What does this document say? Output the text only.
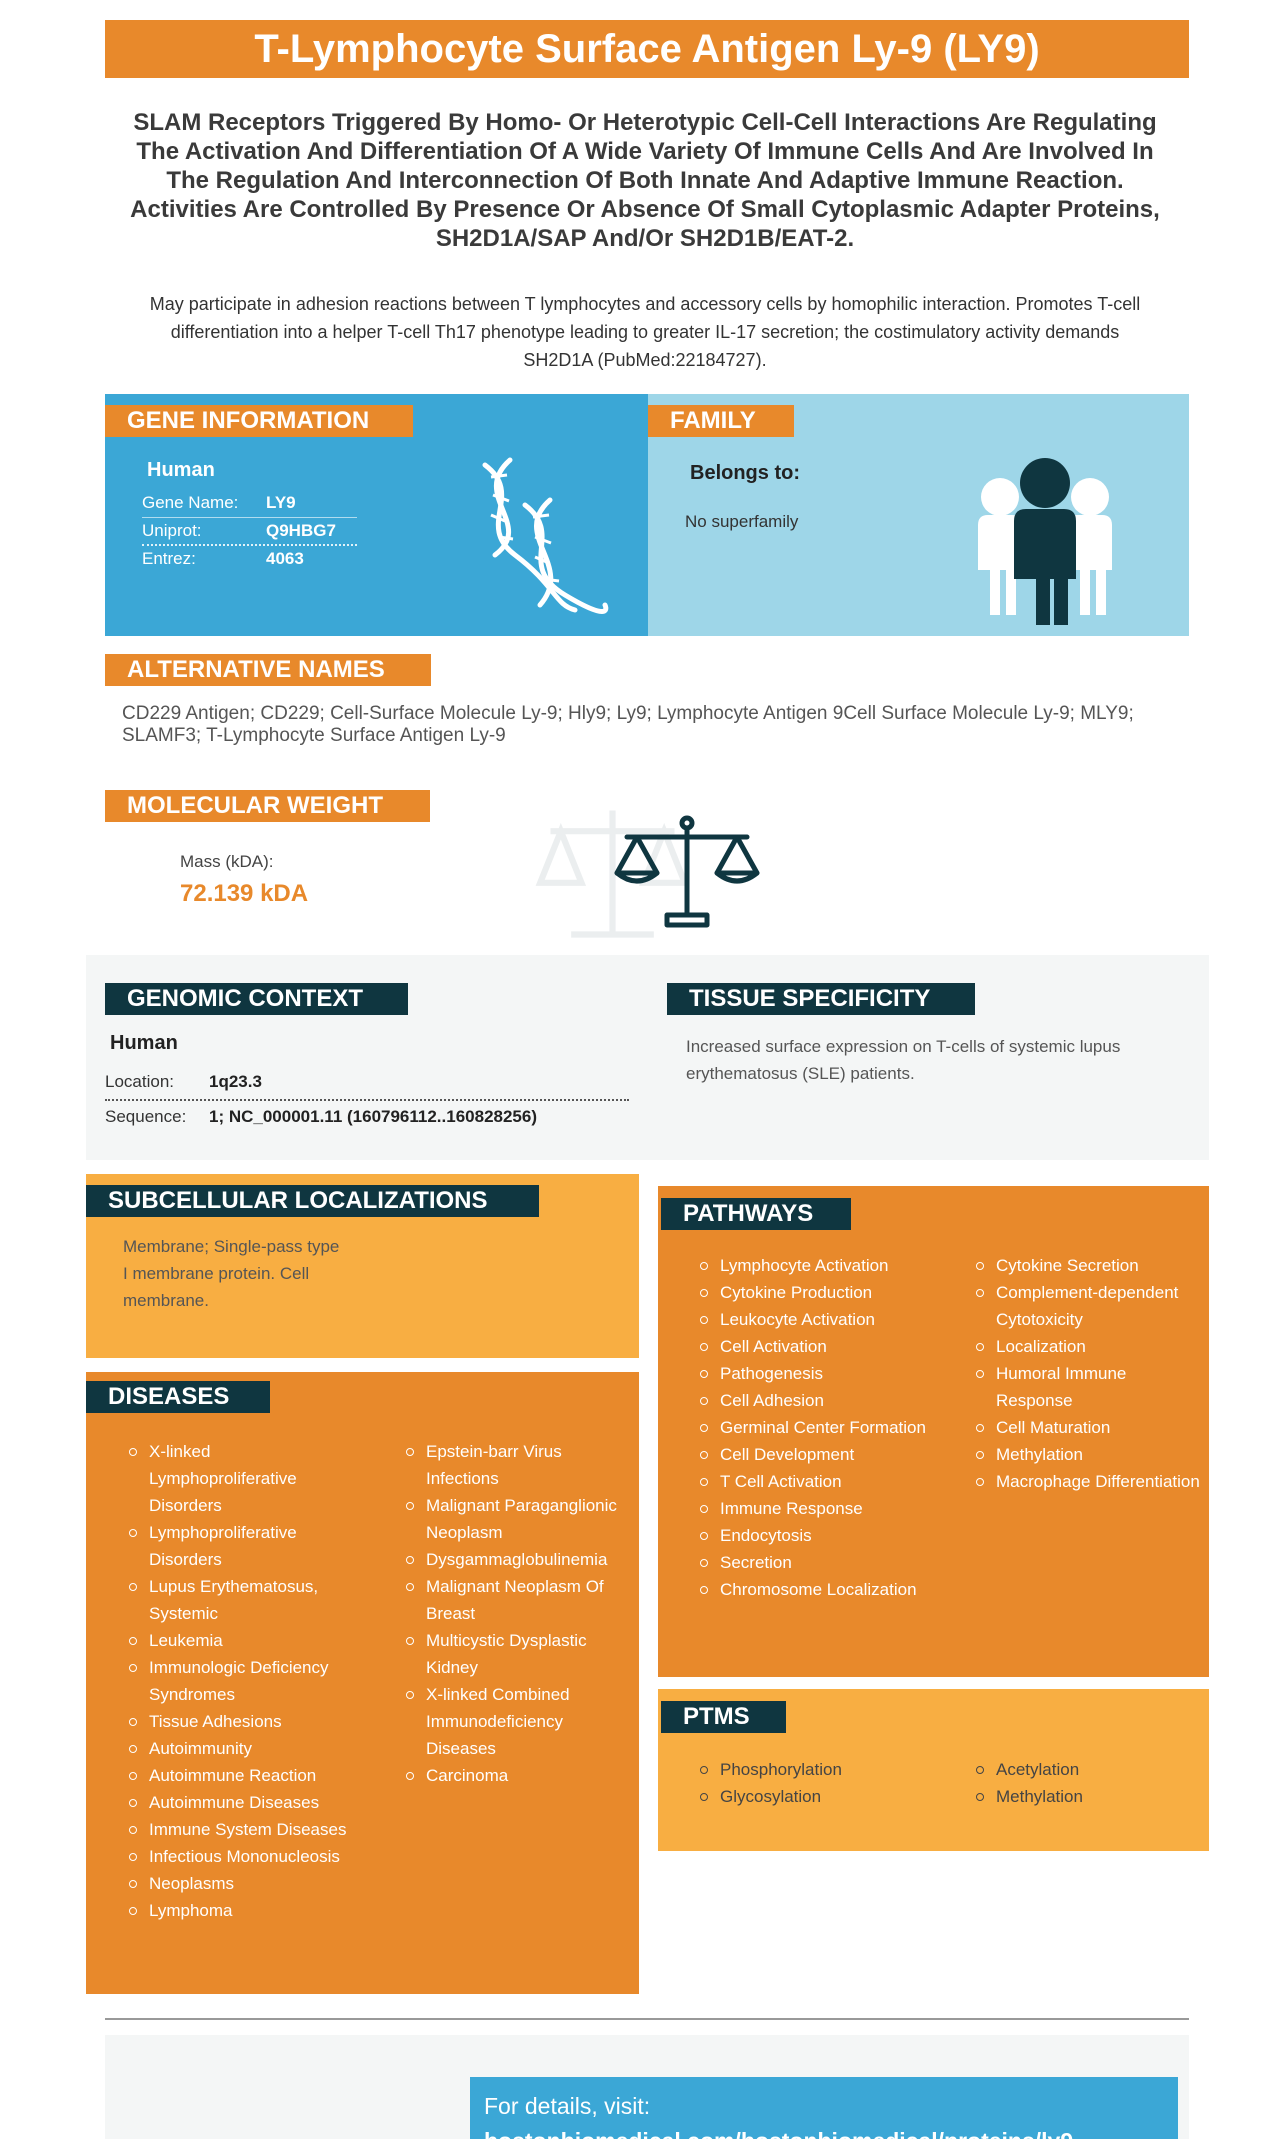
T-Lymphocyte Surface Antigen Ly-9 (LY9)
SLAM Receptors Triggered By Homo- Or Heterotypic Cell-Cell Interactions Are Regulating The Activation And Differentiation Of A Wide Variety Of Immune Cells And Are Involved In The Regulation And Interconnection Of Both Innate And Adaptive Immune Reaction. Activities Are Controlled By Presence Or Absence Of Small Cytoplasmic Adapter Proteins, SH2D1A/SAP And/Or SH2D1B/EAT-2.
May participate in adhesion reactions between T lymphocytes and accessory cells by homophilic interaction. Promotes T-cell differentiation into a helper T-cell Th17 phenotype leading to greater IL-17 secretion; the costimulatory activity demands SH2D1A (PubMed:22184727).
GENE INFORMATION
Human
Gene Name: LY9
Uniprot:	Q9HBG7
Entrez:	4063
FAMILY
Belongs to:
No superfamily
ALTERNATIVE NAMES
CD229 Antigen; CD229; Cell-Surface Molecule Ly-9; Hly9; Ly9; Lymphocyte Antigen 9Cell Surface Molecule Ly-9; MLY9; SLAMF3; T-Lymphocyte Surface Antigen Ly-9
MOLECULAR WEIGHT
Mass (kDA):
72.139 kDA
GENOMIC CONTEXT
Human
Location: 1q23.3
Sequence: 1; NC_000001.11 (160796112..160828256)
TISSUE SPECIFICITY
Increased surface expression on T-cells of systemic lupus erythematosus (SLE) patients.
SUBCELLULAR LOCALIZATIONS
Membrane; Single-pass type I membrane protein. Cell membrane.
DISEASES
X-linked Lymphoproliferative Disorders
Lymphoproliferative Disorders
Lupus Erythematosus, Systemic
Leukemia
Immunologic Deficiency Syndromes
Tissue Adhesions
Autoimmunity
Autoimmune Reaction
Autoimmune Diseases
Immune System Diseases
Infectious Mononucleosis
Neoplasms
Lymphoma
Epstein-barr Virus Infections
Malignant Paraganglionic Neoplasm
Dysgammaglobulinemia
Malignant Neoplasm Of Breast
Multicystic Dysplastic Kidney
X-linked Combined Immunodeficiency Diseases
Carcinoma
PATHWAYS
Lymphocyte Activation
Cytokine Production
Leukocyte Activation
Cell Activation
Pathogenesis
Cell Adhesion
Germinal Center Formation
Cell Development
T Cell Activation
Immune Response
Endocytosis
Secretion
Chromosome Localization
Cytokine Secretion
Complement-dependent Cytotoxicity
Localization
Humoral Immune Response
Cell Maturation
Methylation
Macrophage Differentiation
PTMS
Phosphorylation
Glycosylation
Acetylation
Methylation
For details, visit:
bostonbiomedical.com/bostonbiomedical/proteins/ly9
